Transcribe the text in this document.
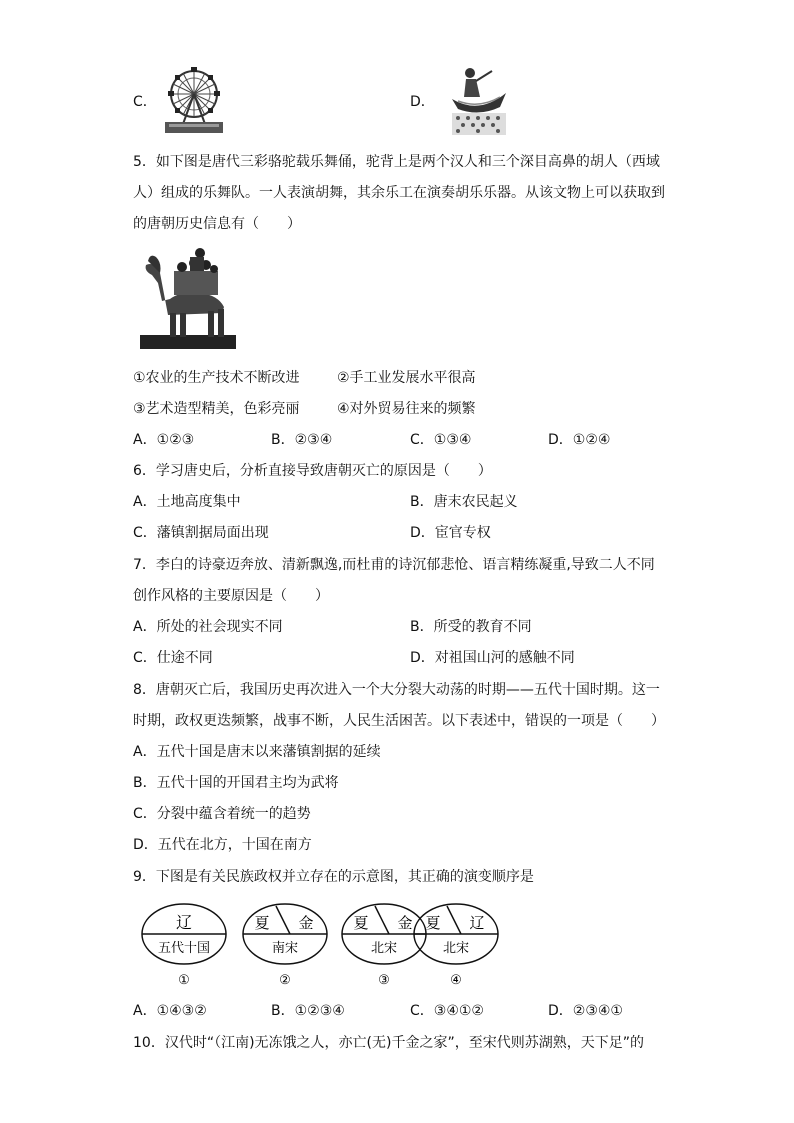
C．	D．
5．如下图是唐代三彩骆驼载乐舞俑，驼背上是两个汉人和三个深目高鼻的胡人（西域
人）组成的乐舞队。一人表演胡舞，其余乐工在演奏胡乐乐器。从该文物上可以获取到
的唐朝历史信息有（　　）
①农业的生产技术不断改进	②手工业发展水平很高
③艺术造型精美，色彩亮丽	④对外贸易往来的频繁
A．①②③	B．②③④	C．①③④	D．①②④
6．学习唐史后，分析直接导致唐朝灭亡的原因是（　　）
A．土地高度集中	B．唐末农民起义
C．藩镇割据局面出现	D．宦官专权
7．李白的诗豪迈奔放、清新飘逸,而杜甫的诗沉郁悲怆、语言精练凝重,导致二人不同
创作风格的主要原因是（　　）
A．所处的社会现实不同	B．所受的教育不同
C．仕途不同	D．对祖国山河的感触不同
8．唐朝灭亡后，我国历史再次进入一个大分裂大动荡的时期——五代十国时期。这一
时期，政权更迭频繁，战事不断，人民生活困苦。以下表述中，错误的一项是（　　）
A．五代十国是唐末以来藩镇割据的延续
B．五代十国的开国君主均为武将
C．分裂中蕴含着统一的趋势
D．五代在北方，十国在南方
9．下图是有关民族政权并立存在的示意图，其正确的演变顺序是
辽
五代十国
①
夏 金
南宋
②
夏 金
北宋
③
夏 辽
北宋
④
A．①④③②	B．①②③④	C．③④①②	D．②③④①
10．汉代时“（江南)无冻饿之人，亦亡(无)千金之家”，至宋代则苏湖熟，天下足”的
